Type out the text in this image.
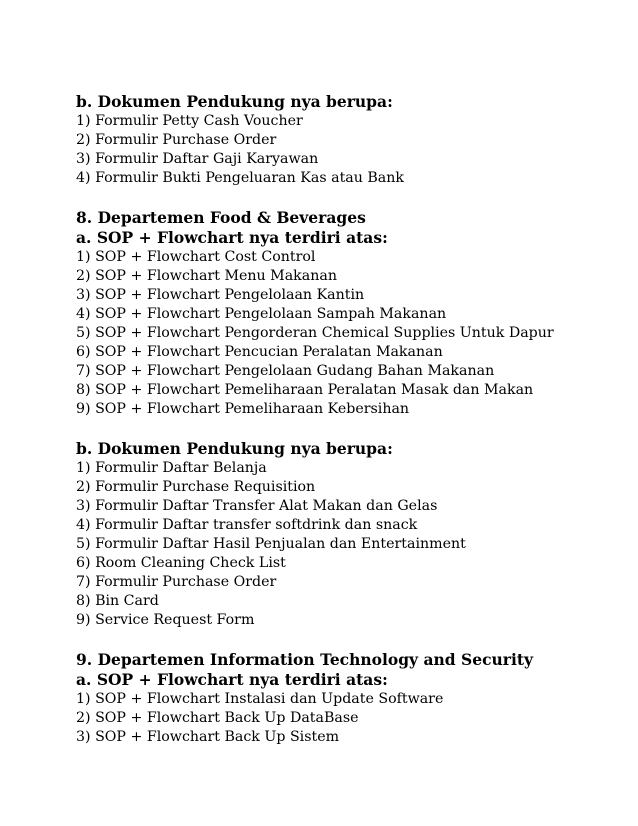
b. Dokumen Pendukung nya berupa:
1) Formulir Petty Cash Voucher
2) Formulir Purchase Order
3) Formulir Daftar Gaji Karyawan
4) Formulir Bukti Pengeluaran Kas atau Bank
8. Departemen Food & Beverages
a. SOP + Flowchart nya terdiri atas:
1) SOP + Flowchart Cost Control
2) SOP + Flowchart Menu Makanan
3) SOP + Flowchart Pengelolaan Kantin
4) SOP + Flowchart Pengelolaan Sampah Makanan
5) SOP + Flowchart Pengorderan Chemical Supplies Untuk Dapur
6) SOP + Flowchart Pencucian Peralatan Makanan
7) SOP + Flowchart Pengelolaan Gudang Bahan Makanan
8) SOP + Flowchart Pemeliharaan Peralatan Masak dan Makan
9) SOP + Flowchart Pemeliharaan Kebersihan
b. Dokumen Pendukung nya berupa:
1) Formulir Daftar Belanja
2) Formulir Purchase Requisition
3) Formulir Daftar Transfer Alat Makan dan Gelas
4) Formulir Daftar transfer softdrink dan snack
5) Formulir Daftar Hasil Penjualan dan Entertainment
6) Room Cleaning Check List
7) Formulir Purchase Order
8) Bin Card
9) Service Request Form
9. Departemen Information Technology and Security
a. SOP + Flowchart nya terdiri atas:
1) SOP + Flowchart Instalasi dan Update Software
2) SOP + Flowchart Back Up DataBase
3) SOP + Flowchart Back Up Sistem
